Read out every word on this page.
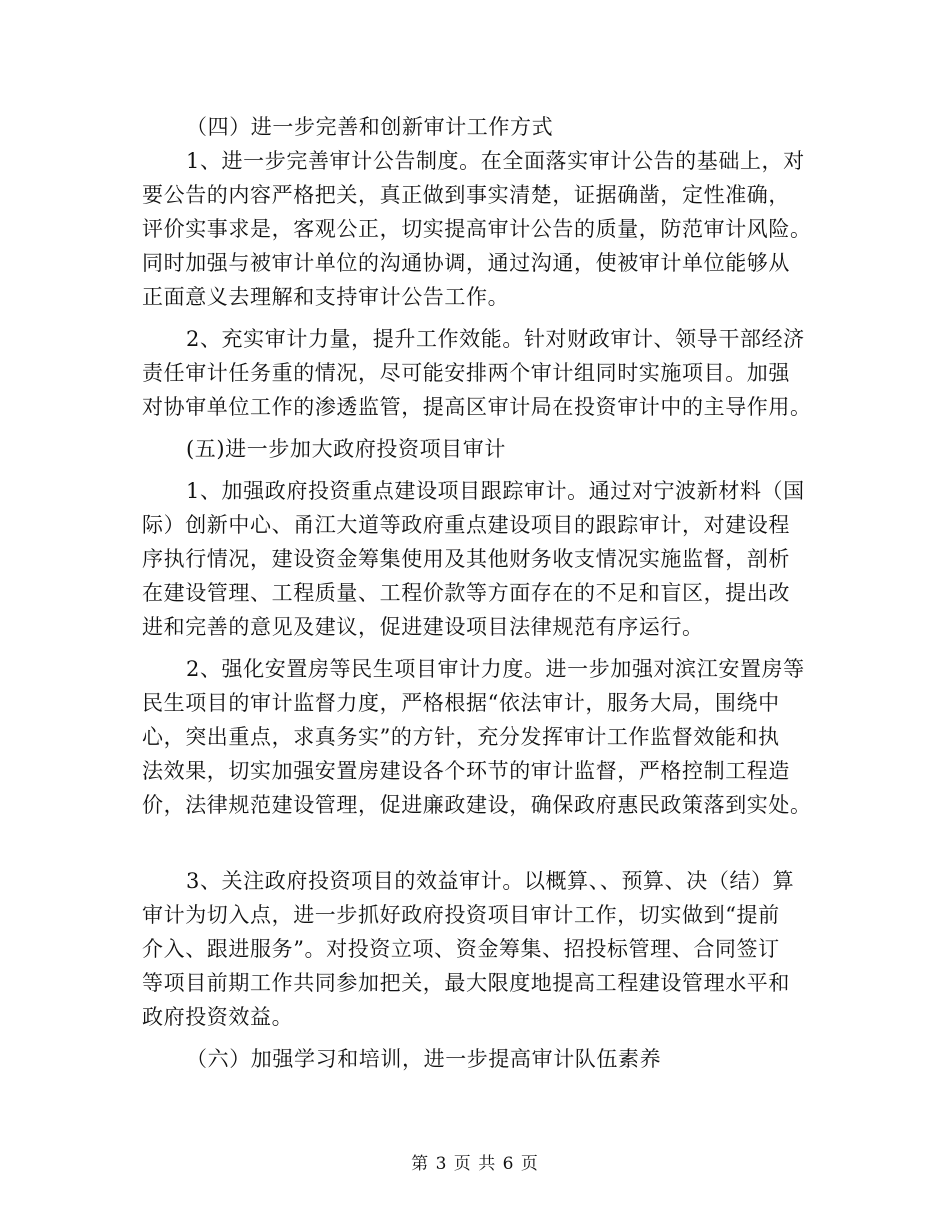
（四）进一步完善和创新审计工作方式

1、进一步完善审计公告制度。在全面落实审计公告的基础上，对

要公告的内容严格把关，真正做到事实清楚，证据确凿，定性准确，

评价实事求是，客观公正，切实提高审计公告的质量，防范审计风险。

同时加强与被审计单位的沟通协调，通过沟通，使被审计单位能够从

正面意义去理解和支持审计公告工作。

2、充实审计力量，提升工作效能。针对财政审计、领导干部经济

责任审计任务重的情况，尽可能安排两个审计组同时实施项目。加强

对协审单位工作的渗透监管，提高区审计局在投资审计中的主导作用。

(五)进一步加大政府投资项目审计

1、加强政府投资重点建设项目跟踪审计。通过对宁波新材料（国

际）创新中心、甬江大道等政府重点建设项目的跟踪审计，对建设程

序执行情况，建设资金筹集使用及其他财务收支情况实施监督，剖析

在建设管理、工程质量、工程价款等方面存在的不足和盲区，提出改

进和完善的意见及建议，促进建设项目法律规范有序运行。

2、强化安置房等民生项目审计力度。进一步加强对滨江安置房等

民生项目的审计监督力度，严格根据“依法审计，服务大局，围绕中

心，突出重点，求真务实”的方针，充分发挥审计工作监督效能和执

法效果，切实加强安置房建设各个环节的审计监督，严格控制工程造

价，法律规范建设管理，促进廉政建设，确保政府惠民政策落到实处。

3、关注政府投资项目的效益审计。以概算、、预算、决（结）算

审计为切入点，进一步抓好政府投资项目审计工作，切实做到“提前

介入、跟进服务”。对投资立项、资金筹集、招投标管理、合同签订

等项目前期工作共同参加把关，最大限度地提高工程建设管理水平和

政府投资效益。

（六）加强学习和培训，进一步提高审计队伍素养

第 3 页 共 6 页
